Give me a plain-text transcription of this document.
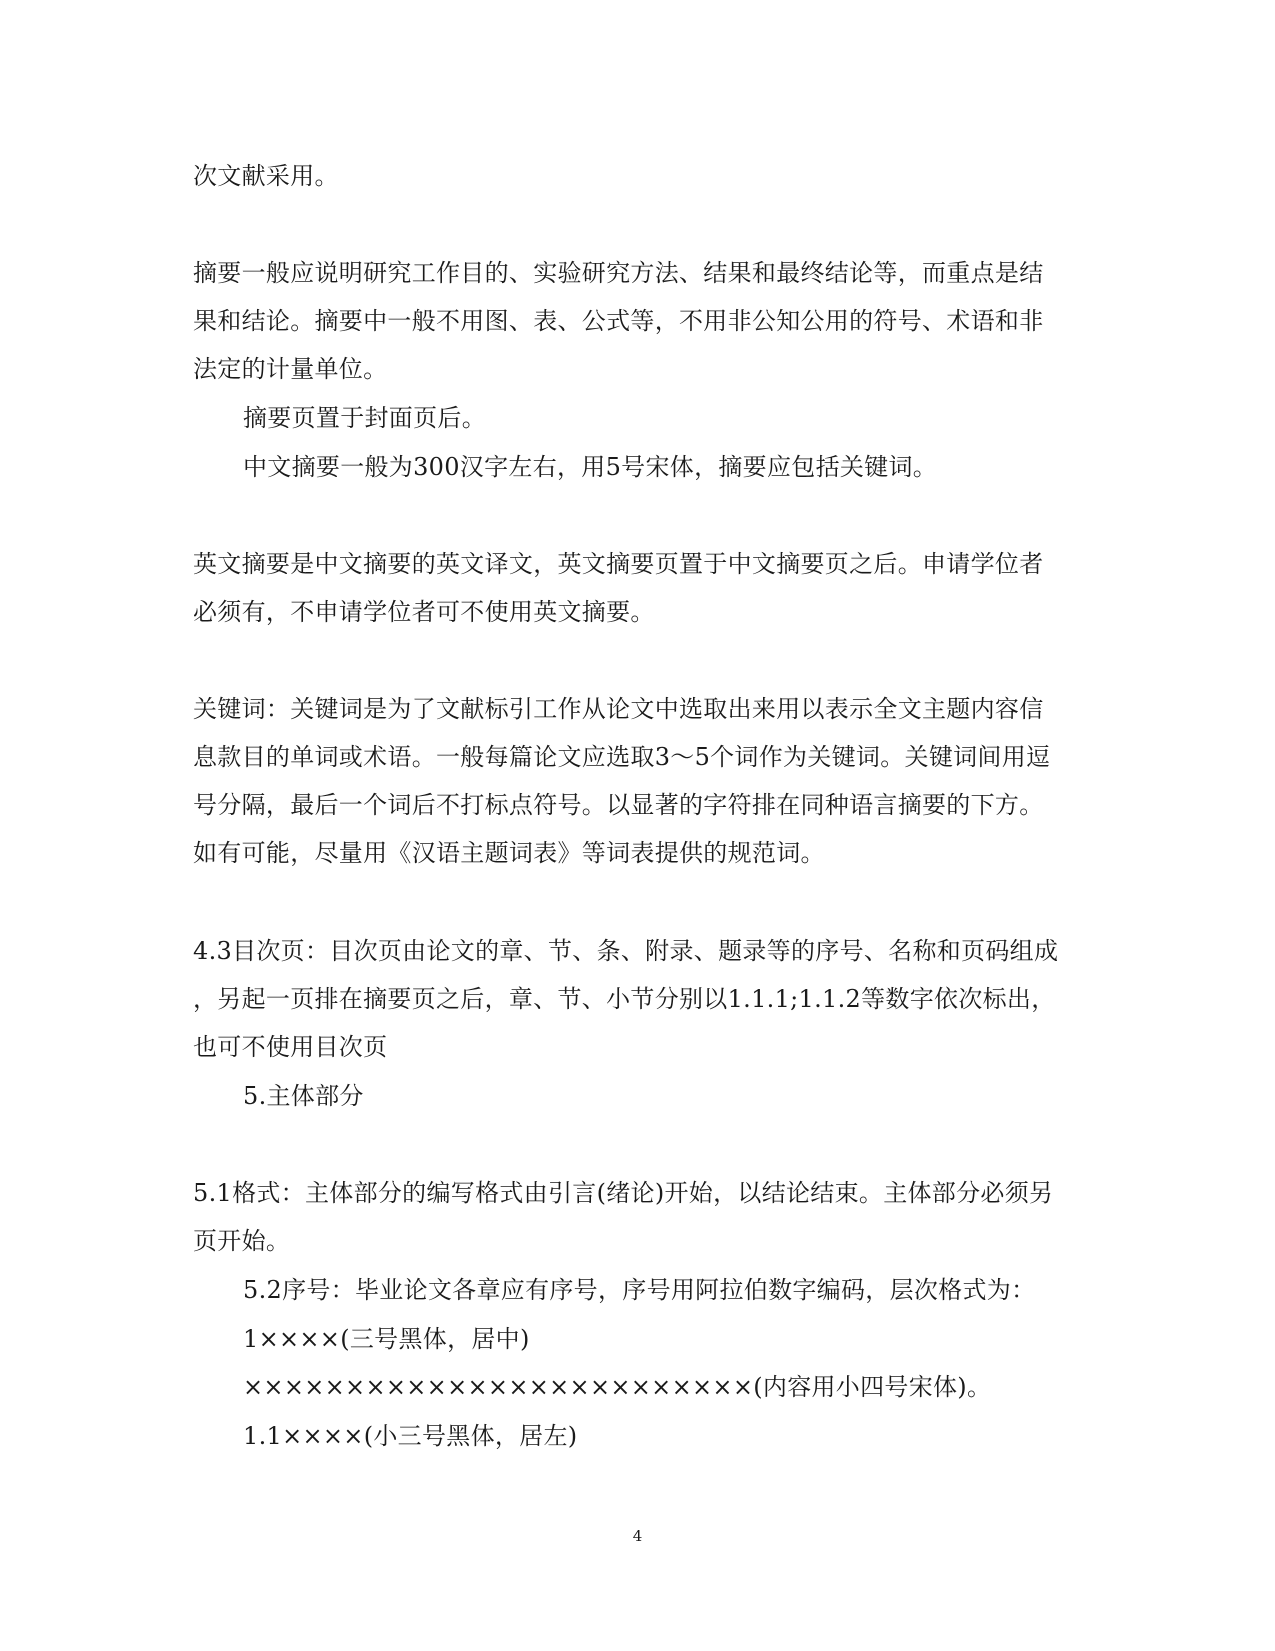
次文献采用。
摘要一般应说明研究工作目的、实验研究方法、结果和最终结论等，而重点是结
果和结论。摘要中一般不用图、表、公式等，不用非公知公用的符号、术语和非
法定的计量单位。
摘要页置于封面页后。
中文摘要一般为300汉字左右，用5号宋体，摘要应包括关键词。
英文摘要是中文摘要的英文译文，英文摘要页置于中文摘要页之后。申请学位者
必须有，不申请学位者可不使用英文摘要。
关键词：关键词是为了文献标引工作从论文中选取出来用以表示全文主题内容信
息款目的单词或术语。一般每篇论文应选取3～5个词作为关键词。关键词间用逗
号分隔，最后一个词后不打标点符号。以显著的字符排在同种语言摘要的下方。
如有可能，尽量用《汉语主题词表》等词表提供的规范词。
4.3目次页：目次页由论文的章、节、条、附录、题录等的序号、名称和页码组成
，另起一页排在摘要页之后，章、节、小节分别以1.1.1;1.1.2等数字依次标出，
也可不使用目次页
5.主体部分
5.1格式：主体部分的编写格式由引言(绪论)开始，以结论结束。主体部分必须另
页开始。
5.2序号：毕业论文各章应有序号，序号用阿拉伯数字编码，层次格式为：
1××××(三号黑体，居中)
×××××××××××××××××××××××××(内容用小四号宋体)。
1.1××××(小三号黑体，居左)
4
